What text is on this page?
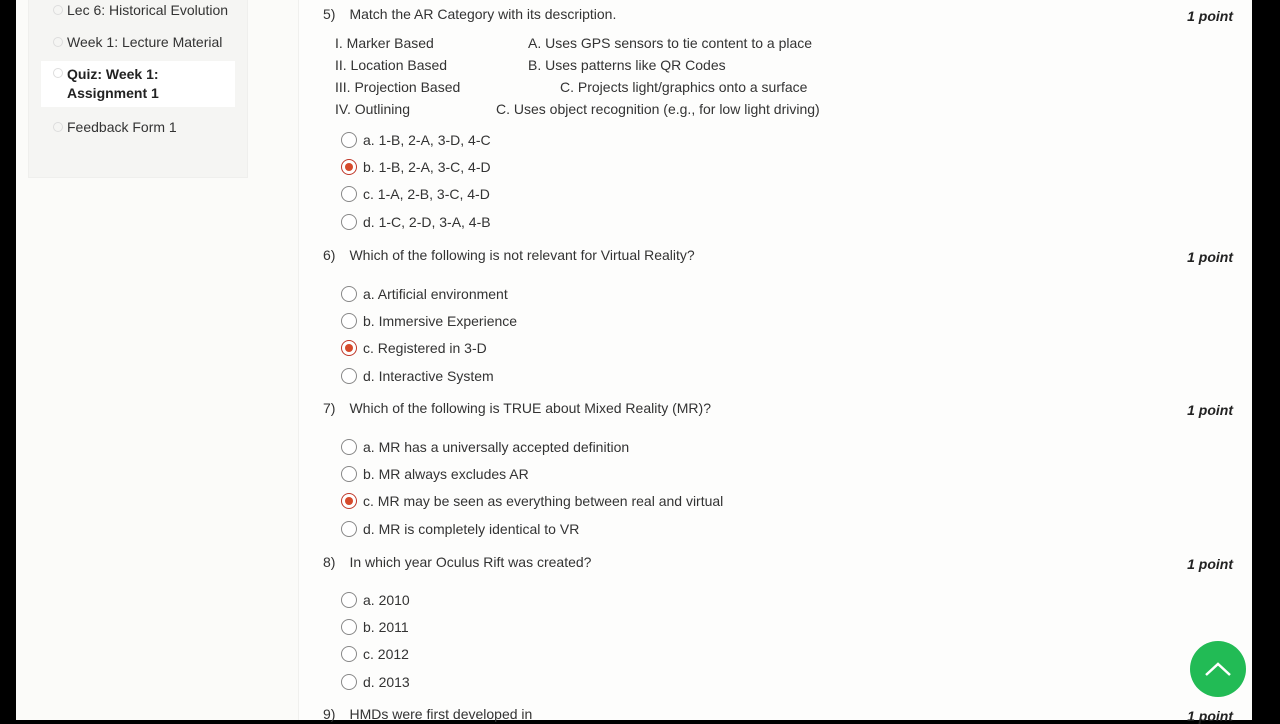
Lec 6: Historical Evolution
Week 1: Lecture Material
Quiz: Week 1: Assignment 1
Feedback Form 1
5) Match the AR Category with its description.	1 point
I. Marker Based	A. Uses GPS sensors to tie content to a place
II. Location Based	B. Uses patterns like QR Codes
III. Projection Based	C. Projects light/graphics onto a surface
IV. Outlining	C. Uses object recognition (e.g., for low light driving)
a. 1-B, 2-A, 3-D, 4-C
b. 1-B, 2-A, 3-C, 4-D
c. 1-A, 2-B, 3-C, 4-D
d. 1-C, 2-D, 3-A, 4-B
6) Which of the following is not relevant for Virtual Reality?	1 point
a. Artificial environment
b. Immersive Experience
c. Registered in 3-D
d. Interactive System
7) Which of the following is TRUE about Mixed Reality (MR)?	1 point
a. MR has a universally accepted definition
b. MR always excludes AR
c. MR may be seen as everything between real and virtual
d. MR is completely identical to VR
8) In which year Oculus Rift was created?	1 point
a. 2010
b. 2011
c. 2012
d. 2013
9) HMDs were first developed in	1 point
